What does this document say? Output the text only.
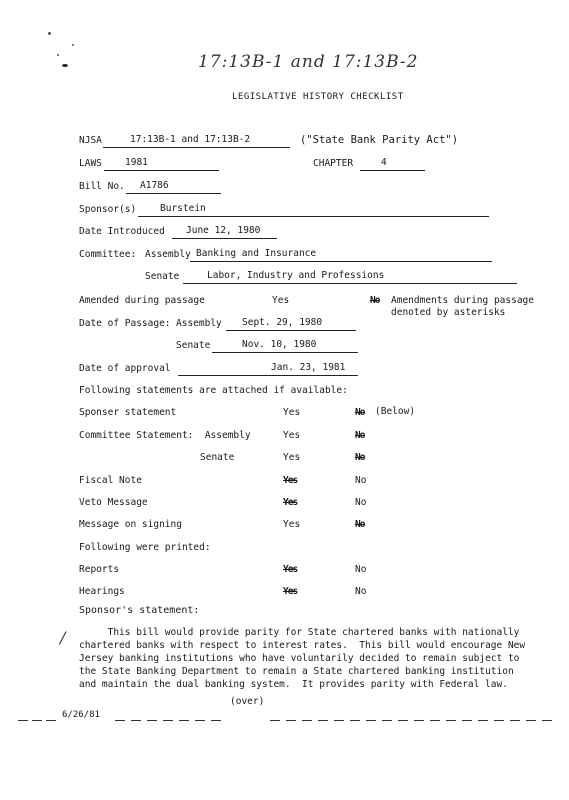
17:13B-1 and 17:13B-2
LEGISLATIVE HISTORY CHECKLIST
NJSA	17:13B-1 and 17:13B-2	("State Bank Parity Act")
LAWS 1981	CHAPTER	4
Bill No. A1786
Sponsor(s)	Burstein
Date Introduced June 12, 1980
Committee: Assembly Banking and Insurance
Senate	Labor, Industry and Professions
Amended during passage	Yes	No Amendments during passage
denoted by asterisks
Date of Passage: Assembly Sept. 29, 1980
Senate	Nov. 10, 1980
Date of approval	Jan. 23, 1981
Following statements are attached if available:
Sponser statement	Yes	No (Below)
Committee Statement:  Assembly	Yes	No
Senate	Yes	No
Fiscal Note	Yes	No
Veto Message	Yes	No
Message on signing	Yes	No
Following were printed:
Reports	Yes	No
Hearings	Yes	No
Sponsor's statement:
/ This bill would provide parity for State chartered banks with nationally
chartered banks with respect to interest rates.  This bill would encourage New
Jersey banking institutions who have voluntarily decided to remain subject to
the State Banking Department to remain a State chartered banking institution
and maintain the dual banking system.  It provides parity with Federal law.
(over)
6/26/81
